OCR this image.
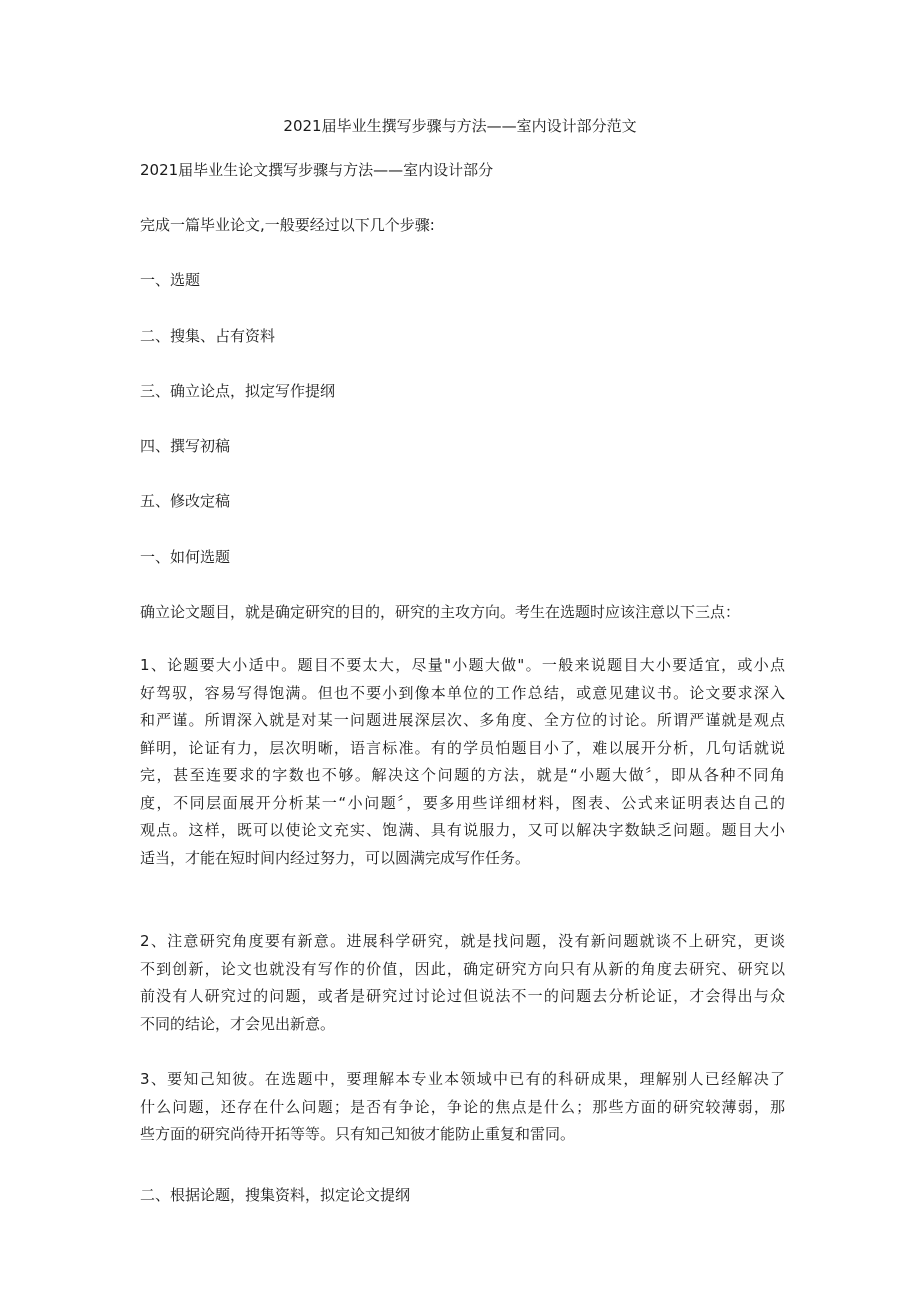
2021届毕业生撰写步骤与方法——室内设计部分范文

2021届毕业生论文撰写步骤与方法——室内设计部分

完成一篇毕业论文,一般要经过以下几个步骤:

一、选题

二、搜集、占有资料

三、确立论点，拟定写作提纲

四、撰写初稿

五、修改定稿

一、如何选题

确立论文题目，就是确定研究的目的，研究的主攻方向。考生在选题时应该注意以下三点：

1、论题要大小适中。题目不要太大，尽量"小题大做"。一般来说题目大小要适宜，或小点
好驾驭，容易写得饱满。但也不要小到像本单位的工作总结，或意见建议书。论文要求深入
和严谨。所谓深入就是对某一问题进展深层次、多角度、全方位的讨论。所谓严谨就是观点
鲜明，论证有力，层次明晰，语言标准。有的学员怕题目小了，难以展开分析，几句话就说
完，甚至连要求的字数也不够。解决这个问题的方法，就是“小题大做〞，即从各种不同角
度，不同层面展开分析某一“小问题〞，要多用些详细材料，图表、公式来证明表达自己的
观点。这样，既可以使论文充实、饱满、具有说服力，又可以解决字数缺乏问题。题目大小
适当，才能在短时间内经过努力，可以圆满完成写作任务。
2、注意研究角度要有新意。进展科学研究，就是找问题，没有新问题就谈不上研究，更谈
不到创新，论文也就没有写作的价值，因此，确定研究方向只有从新的角度去研究、研究以
前没有人研究过的问题，或者是研究过讨论过但说法不一的问题去分析论证，才会得出与众
不同的结论，才会见出新意。
3、要知己知彼。在选题中，要理解本专业本领域中已有的科研成果，理解别人已经解决了
什么问题，还存在什么问题；是否有争论，争论的焦点是什么；那些方面的研究较薄弱，那
些方面的研究尚待开拓等等。只有知己知彼才能防止重复和雷同。

二、根据论题，搜集资料，拟定论文提纲
